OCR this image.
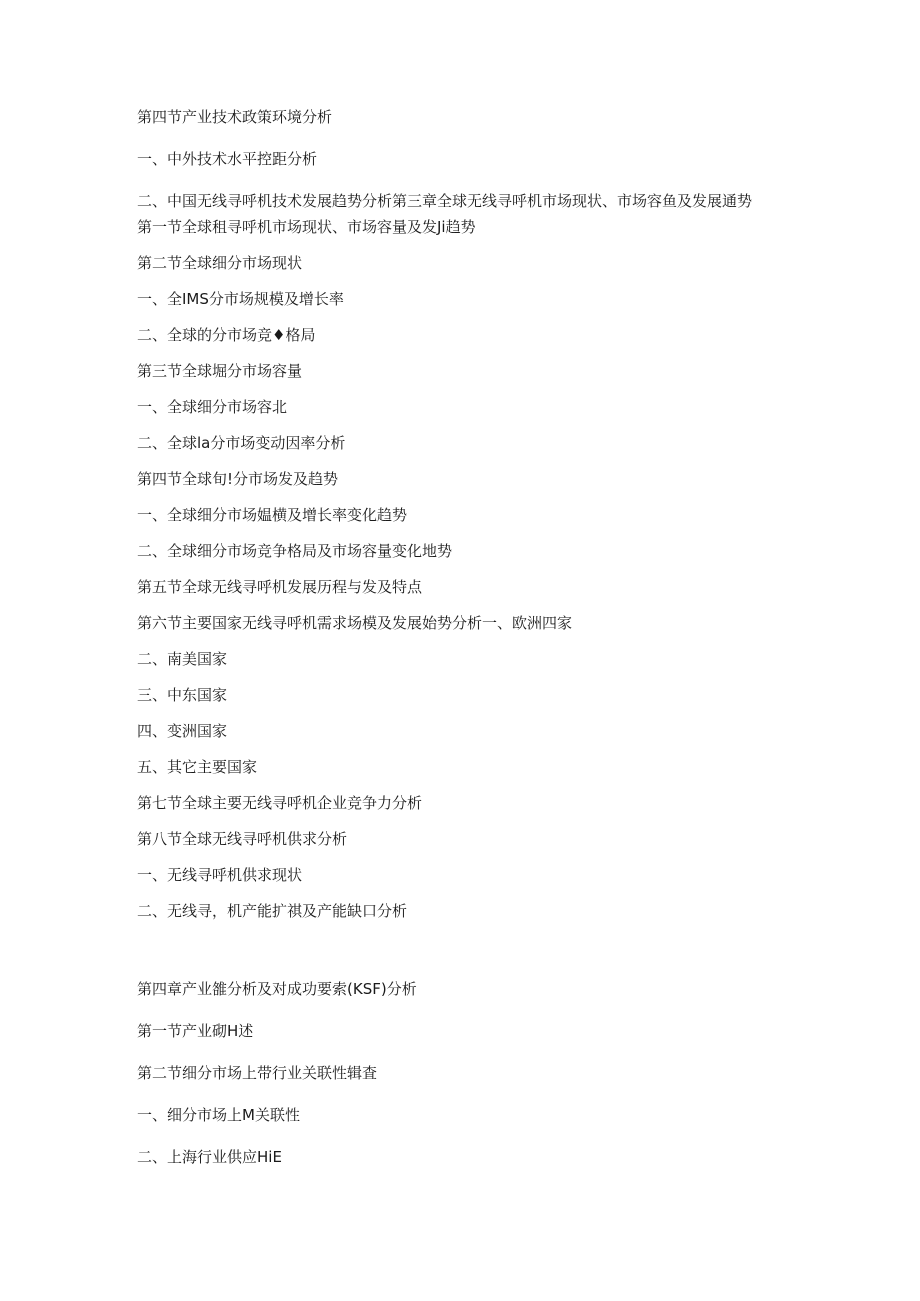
第四节产业技术政策环境分析
一、中外技术水平控距分析
二、中国无线寻呼机技术发展趋势分析第三章全球无线寻呼机市场现状、市场容鱼及发展通势
第一节全球租寻呼机市场现状、市场容量及发Ji趋势
第二节全球细分市场现状
一、全IMS分市场规模及增长率
二、全球的分市场竞♦格局
第三节全球堀分市场容量
一、全球细分市场容北
二、全球la分市场变动因率分析
第四节全球旬!分市场发及趋势
一、全球细分市场媪横及增长率变化趋势
二、全球细分市场竞争格局及市场容量变化地势
第五节全球无线寻呼机发展历程与发及特点
第六节主要国家无线寻呼机需求场模及发展始势分析一、欧洲四家
二、南美国家
三、中东国家
四、变洲国家
五、其它主要国家
第七节全球主要无线寻呼机企业竞争力分析
第八节全球无线寻呼机供求分析
一、无线寻呼机供求现状
二、无线寻，机产能扩祺及产能缺口分析
第四章产业雒分析及对成功要索(KSF)分析
第一节产业砌H述
第二节细分市场上带行业关联性辑査
一、细分市场上M关联性
二、上海行业供应HiE
